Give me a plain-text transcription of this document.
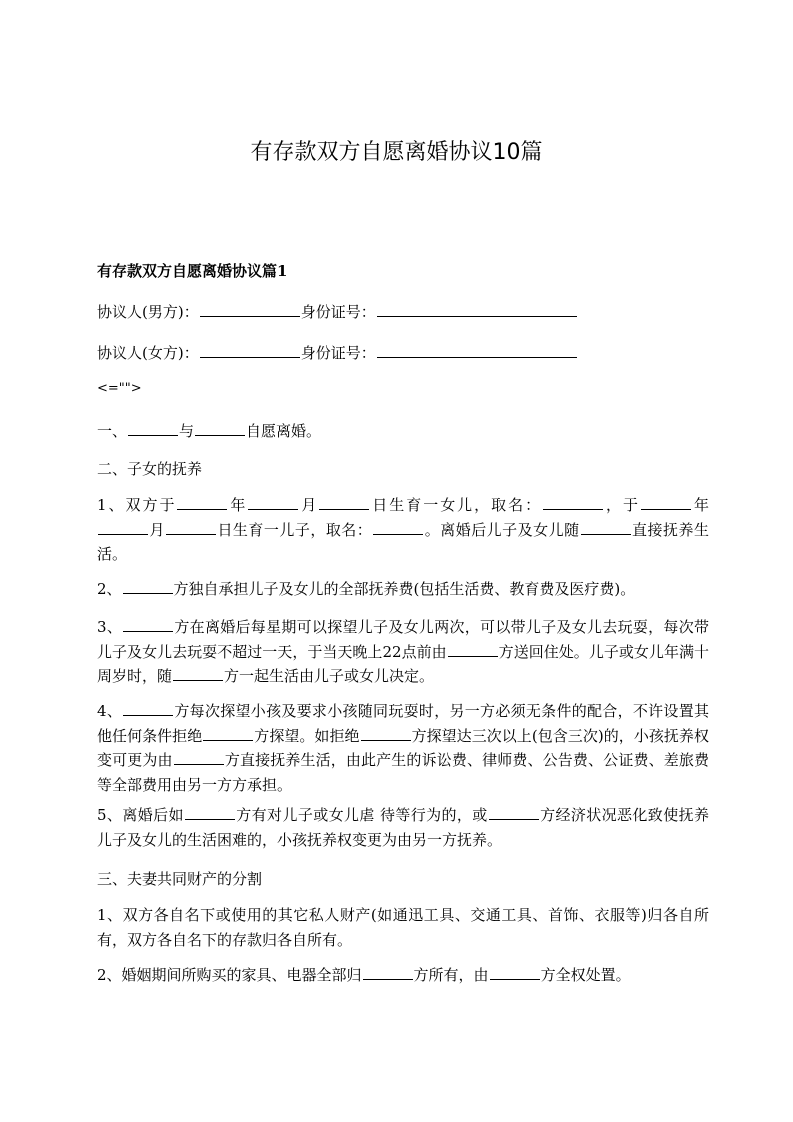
有存款双方自愿离婚协议10篇
有存款双方自愿离婚协议篇1
协议人(男方)：	身份证号：
协议人(女方)：	身份证号：
<="">
一、	与	自愿离婚。
二、子女的抚养
1、双方于	年	月	日生育一女儿，取名：	，于	年月	日生育一儿子，取名：	。离婚后儿子及女儿随	直接抚养生活。
2、	方独自承担儿子及女儿的全部抚养费(包括生活费、教育费及医疗费)。
3、	方在离婚后每星期可以探望儿子及女儿两次，可以带儿子及女儿去玩耍，每次带儿子及女儿去玩耍不超过一天，于当天晚上22点前由	方送回住处。儿子或女儿年满十周岁时，随	方一起生活由儿子或女儿决定。
4、	方每次探望小孩及要求小孩随同玩耍时，另一方必须无条件的配合，不许设置其他任何条件拒绝	方探望。如拒绝	方探望达三次以上(包含三次)的，小孩抚养权变可更为由	方直接抚养生活，由此产生的诉讼费、律师费、公告费、公证费、差旅费等全部费用由另一方方承担。
5、离婚后如	方有对儿子或女儿虐 待等行为的，或	方经济状况恶化致使抚养儿子及女儿的生活困难的，小孩抚养权变更为由另一方抚养。
三、夫妻共同财产的分割
1、双方各自名下或使用的其它私人财产(如通迅工具、交通工具、首饰、衣服等)归各自所有，双方各自名下的存款归各自所有。
2、婚姻期间所购买的家具、电器全部归	方所有，由	方全权处置。
